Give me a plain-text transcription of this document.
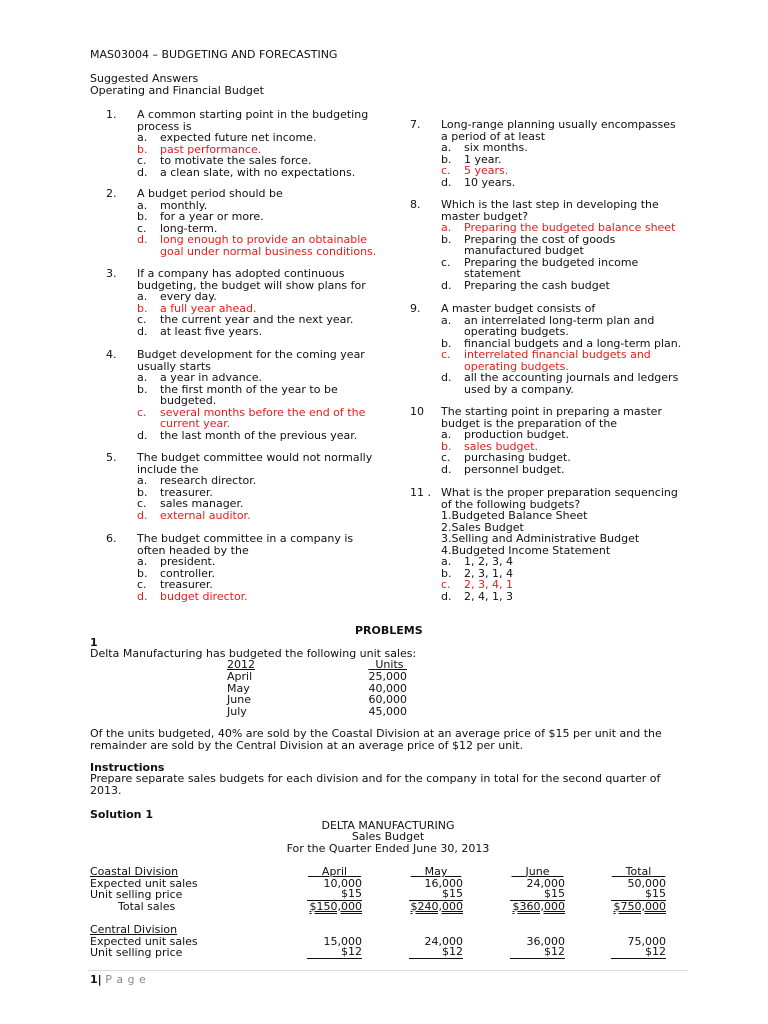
MAS03004 – BUDGETING AND FORECASTING
Suggested Answers
Operating and Financial Budget
1. A common starting point in the budgeting
process is
a. expected future net income.
b. past performance.
c. to motivate the sales force.
d. a clean slate, with no expectations.
2. A budget period should be
a. monthly.
b. for a year or more.
c. long-term.
d. long enough to provide an obtainable
goal under normal business conditions.
3. If a company has adopted continuous
budgeting, the budget will show plans for
a. every day.
b. a full year ahead.
c. the current year and the next year.
d. at least five years.
4. Budget development for the coming year
usually starts
a. a year in advance.
b. the first month of the year to be
budgeted.
c. several months before the end of the
current year.
d. the last month of the previous year.
5. The budget committee would not normally
include the
a. research director.
b. treasurer.
c. sales manager.
d. external auditor.
6. The budget committee in a company is
often headed by the
a. president.
b. controller.
c. treasurer.
d. budget director.
7. Long-range planning usually encompasses
a period of at least
a. six months.
b. 1 year.
c. 5 years.
d. 10 years.
8. Which is the last step in developing the
master budget?
a. Preparing the budgeted balance sheet
b. Preparing the cost of goods
manufactured budget
c. Preparing the budgeted income
statement
d. Preparing the cash budget
9. A master budget consists of
a. an interrelated long-term plan and
operating budgets.
b. financial budgets and a long-term plan.
c. interrelated financial budgets and
operating budgets.
d. all the accounting journals and ledgers
used by a company.
10 The starting point in preparing a master
budget is the preparation of the
a. production budget.
b. sales budget.
c. purchasing budget.
d. personnel budget.
11 . What is the proper preparation sequencing
of the following budgets?
1.Budgeted Balance Sheet
2.Sales Budget
3.Selling and Administrative Budget
4.Budgeted Income Statement
a. 1, 2, 3, 4
b. 2, 3, 1, 4
c. 2, 3, 4, 1
d. 2, 4, 1, 3
PROBLEMS
1
Delta Manufacturing has budgeted the following unit sales:
2012	Units
April	25,000
May	40,000
June	60,000
July	45,000
Of the units budgeted, 40% are sold by the Coastal Division at an average price of $15 per unit and the
remainder are sold by the Central Division at an average price of $12 per unit.
Instructions
Prepare separate sales budgets for each division and for the company in total for the second quarter of
2013.
Solution 1
DELTA MANUFACTURING
Sales Budget
For the Quarter Ended June 30, 2013
April	May	June	Total
Coastal Division
Expected unit sales	10,000	16,000	24,000	50,000
Unit selling price	$15	$15	$15	$15
Total sales	$150,000	$240,000	$360,000	$750,000
Central Division
Expected unit sales	15,000	24,000	36,000	75,000
Unit selling price	$12	$12	$12	$12
1| P a g e
